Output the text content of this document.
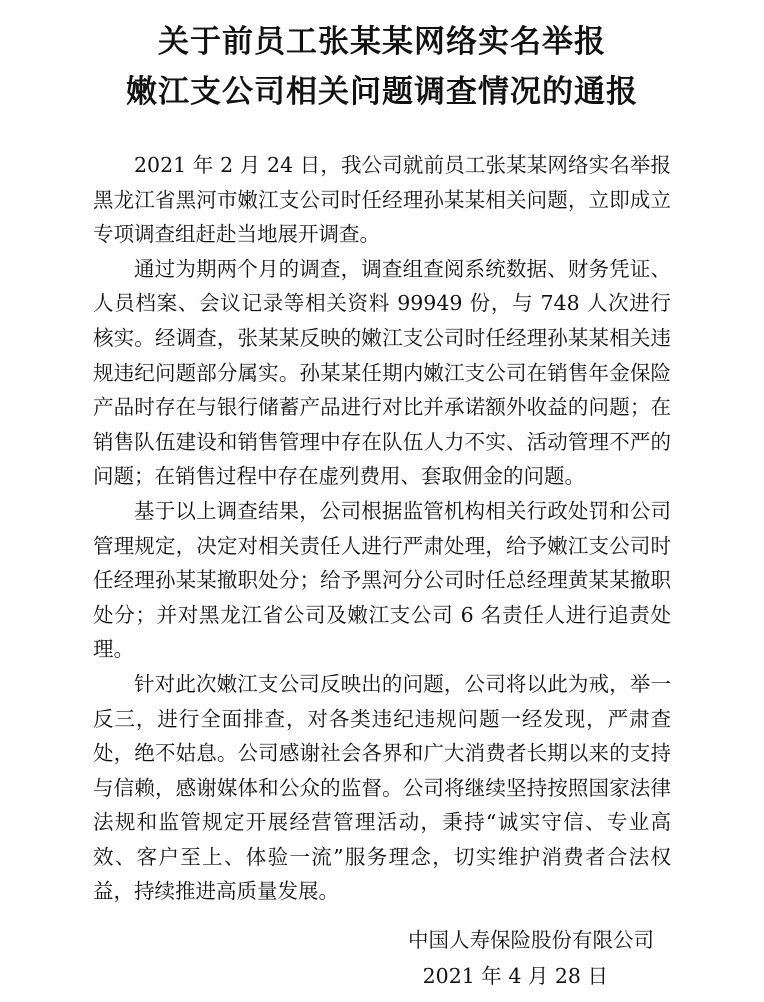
关于前员工张某某网络实名举报
嫩江支公司相关问题调查情况的通报

2021 年 2 月 24 日，我公司就前员工张某某网络实名举报黑龙江省黑河市嫩江支公司时任经理孙某某相关问题，立即成立专项调查组赶赴当地展开调查。

通过为期两个月的调查，调查组查阅系统数据、财务凭证、人员档案、会议记录等相关资料 99949 份，与 748 人次进行核实。经调查，张某某反映的嫩江支公司时任经理孙某某相关违规违纪问题部分属实。孙某某任期内嫩江支公司在销售年金保险产品时存在与银行储蓄产品进行对比并承诺额外收益的问题；在销售队伍建设和销售管理中存在队伍人力不实、活动管理不严的问题；在销售过程中存在虚列费用、套取佣金的问题。

基于以上调查结果，公司根据监管机构相关行政处罚和公司管理规定，决定对相关责任人进行严肃处理，给予嫩江支公司时任经理孙某某撤职处分；给予黑河分公司时任总经理黄某某撤职处分；并对黑龙江省公司及嫩江支公司 6 名责任人进行追责处理。

针对此次嫩江支公司反映出的问题，公司将以此为戒，举一反三，进行全面排查，对各类违纪违规问题一经发现，严肃查处，绝不姑息。公司感谢社会各界和广大消费者长期以来的支持与信赖，感谢媒体和公众的监督。公司将继续坚持按照国家法律法规和监管规定开展经营管理活动，秉持“诚实守信、专业高效、客户至上、体验一流”服务理念，切实维护消费者合法权益，持续推进高质量发展。

中国人寿保险股份有限公司
2021 年 4 月 28 日
